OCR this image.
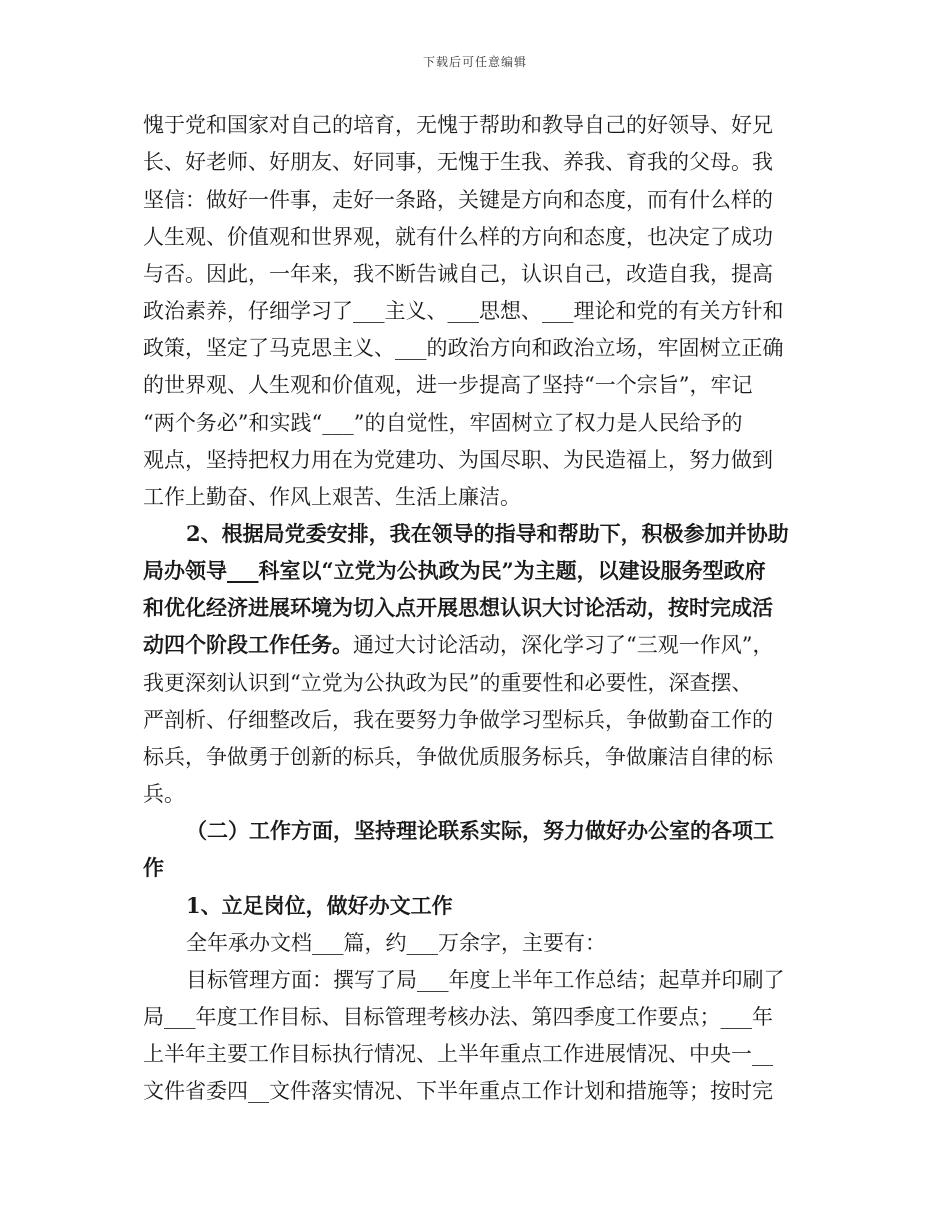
下载后可任意编辑
愧于党和国家对自己的培育，无愧于帮助和教导自己的好领导、好兄
长、好老师、好朋友、好同事，无愧于生我、养我、育我的父母。我
坚信：做好一件事，走好一条路，关键是方向和态度，而有什么样的
人生观、价值观和世界观，就有什么样的方向和态度，也决定了成功
与否。因此，一年来，我不断告诫自己，认识自己，改造自我，提高
政治素养，仔细学习了___主义、___思想、___理论和党的有关方针和
政策，坚定了马克思主义、___的政治方向和政治立场，牢固树立正确
的世界观、人生观和价值观，进一步提高了坚持“一个宗旨”，牢记
“两个务必”和实践“___”的自觉性，牢固树立了权力是人民给予的
观点，坚持把权力用在为党建功、为国尽职、为民造福上，努力做到
工作上勤奋、作风上艰苦、生活上廉洁。
2、根据局党委安排，我在领导的指导和帮助下，积极参加并协助
局办领导___科室以“立党为公执政为民”为主题，以建设服务型政府
和优化经济进展环境为切入点开展思想认识大讨论活动，按时完成活
动四个阶段工作任务。通过大讨论活动，深化学习了“三观一作风”，
我更深刻认识到“立党为公执政为民”的重要性和必要性，深查摆、
严剖析、仔细整改后，我在要努力争做学习型标兵，争做勤奋工作的
标兵，争做勇于创新的标兵，争做优质服务标兵，争做廉洁自律的标
兵。
（二）工作方面，坚持理论联系实际，努力做好办公室的各项工
作
1、立足岗位，做好办文工作
全年承办文档___篇，约___万余字，主要有：
目标管理方面：撰写了局___年度上半年工作总结；起草并印刷了
局___年度工作目标、目标管理考核办法、第四季度工作要点；___年
上半年主要工作目标执行情况、上半年重点工作进展情况、中央一__
文件省委四__文件落实情况、下半年重点工作计划和措施等；按时完
